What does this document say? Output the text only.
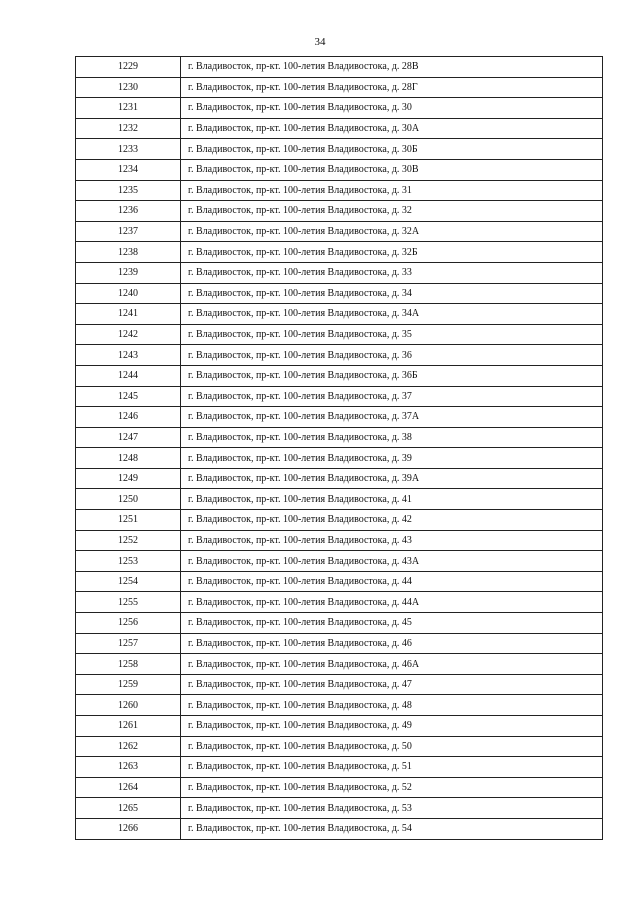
34
1229	г. Владивосток, пр-кт. 100-летия Владивостока, д. 28В
1230	г. Владивосток, пр-кт. 100-летия Владивостока, д. 28Г
1231	г. Владивосток, пр-кт. 100-летия Владивостока, д. 30
1232	г. Владивосток, пр-кт. 100-летия Владивостока, д. 30А
1233	г. Владивосток, пр-кт. 100-летия Владивостока, д. 30Б
1234	г. Владивосток, пр-кт. 100-летия Владивостока, д. 30В
1235	г. Владивосток, пр-кт. 100-летия Владивостока, д. 31
1236	г. Владивосток, пр-кт. 100-летия Владивостока, д. 32
1237	г. Владивосток, пр-кт. 100-летия Владивостока, д. 32А
1238	г. Владивосток, пр-кт. 100-летия Владивостока, д. 32Б
1239	г. Владивосток, пр-кт. 100-летия Владивостока, д. 33
1240	г. Владивосток, пр-кт. 100-летия Владивостока, д. 34
1241	г. Владивосток, пр-кт. 100-летия Владивостока, д. 34А
1242	г. Владивосток, пр-кт. 100-летия Владивостока, д. 35
1243	г. Владивосток, пр-кт. 100-летия Владивостока, д. 36
1244	г. Владивосток, пр-кт. 100-летия Владивостока, д. 36Б
1245	г. Владивосток, пр-кт. 100-летия Владивостока, д. 37
1246	г. Владивосток, пр-кт. 100-летия Владивостока, д. 37А
1247	г. Владивосток, пр-кт. 100-летия Владивостока, д. 38
1248	г. Владивосток, пр-кт. 100-летия Владивостока, д. 39
1249	г. Владивосток, пр-кт. 100-летия Владивостока, д. 39А
1250	г. Владивосток, пр-кт. 100-летия Владивостока, д. 41
1251	г. Владивосток, пр-кт. 100-летия Владивостока, д. 42
1252	г. Владивосток, пр-кт. 100-летия Владивостока, д. 43
1253	г. Владивосток, пр-кт. 100-летия Владивостока, д. 43А
1254	г. Владивосток, пр-кт. 100-летия Владивостока, д. 44
1255	г. Владивосток, пр-кт. 100-летия Владивостока, д. 44А
1256	г. Владивосток, пр-кт. 100-летия Владивостока, д. 45
1257	г. Владивосток, пр-кт. 100-летия Владивостока, д. 46
1258	г. Владивосток, пр-кт. 100-летия Владивостока, д. 46А
1259	г. Владивосток, пр-кт. 100-летия Владивостока, д. 47
1260	г. Владивосток, пр-кт. 100-летия Владивостока, д. 48
1261	г. Владивосток, пр-кт. 100-летия Владивостока, д. 49
1262	г. Владивосток, пр-кт. 100-летия Владивостока, д. 50
1263	г. Владивосток, пр-кт. 100-летия Владивостока, д. 51
1264	г. Владивосток, пр-кт. 100-летия Владивостока, д. 52
1265	г. Владивосток, пр-кт. 100-летия Владивостока, д. 53
1266	г. Владивосток, пр-кт. 100-летия Владивостока, д. 54
